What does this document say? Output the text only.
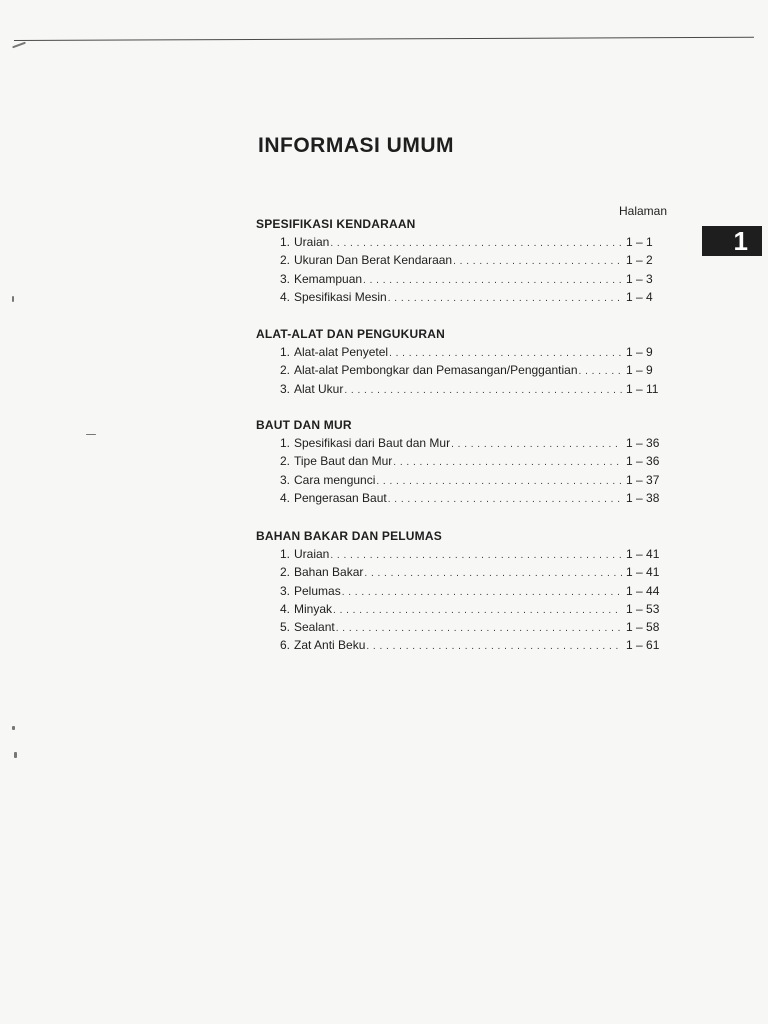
INFORMASI UMUM
Halaman
1
SPESIFIKASI KENDARAAN
1. Uraian . . .	1 – 1
2. Ukuran Dan Berat Kendaraan . . .	1 – 2
3. Kemampuan . . .	1 – 3
4. Spesifikasi Mesin . . .	1 – 4
ALAT-ALAT DAN PENGUKURAN
1. Alat-alat Penyetel . . .	1 – 9
2. Alat-alat Pembongkar dan Pemasangan/Penggantian . . .	1 – 9
3. Alat Ukur . . .	1 – 11
BAUT DAN MUR
1. Spesifikasi dari Baut dan Mur . . .	1 – 36
2. Tipe Baut dan Mur . . .	1 – 36
3. Cara mengunci . . .	1 – 37
4. Pengerasan Baut . . .	1 – 38
BAHAN BAKAR DAN PELUMAS
1. Uraian . . .	1 – 41
2. Bahan Bakar . . .	1 – 41
3. Pelumas . . .	1 – 44
4. Minyak . . .	1 – 53
5. Sealant . . .	1 – 58
6. Zat Anti Beku . . .	1 – 61
